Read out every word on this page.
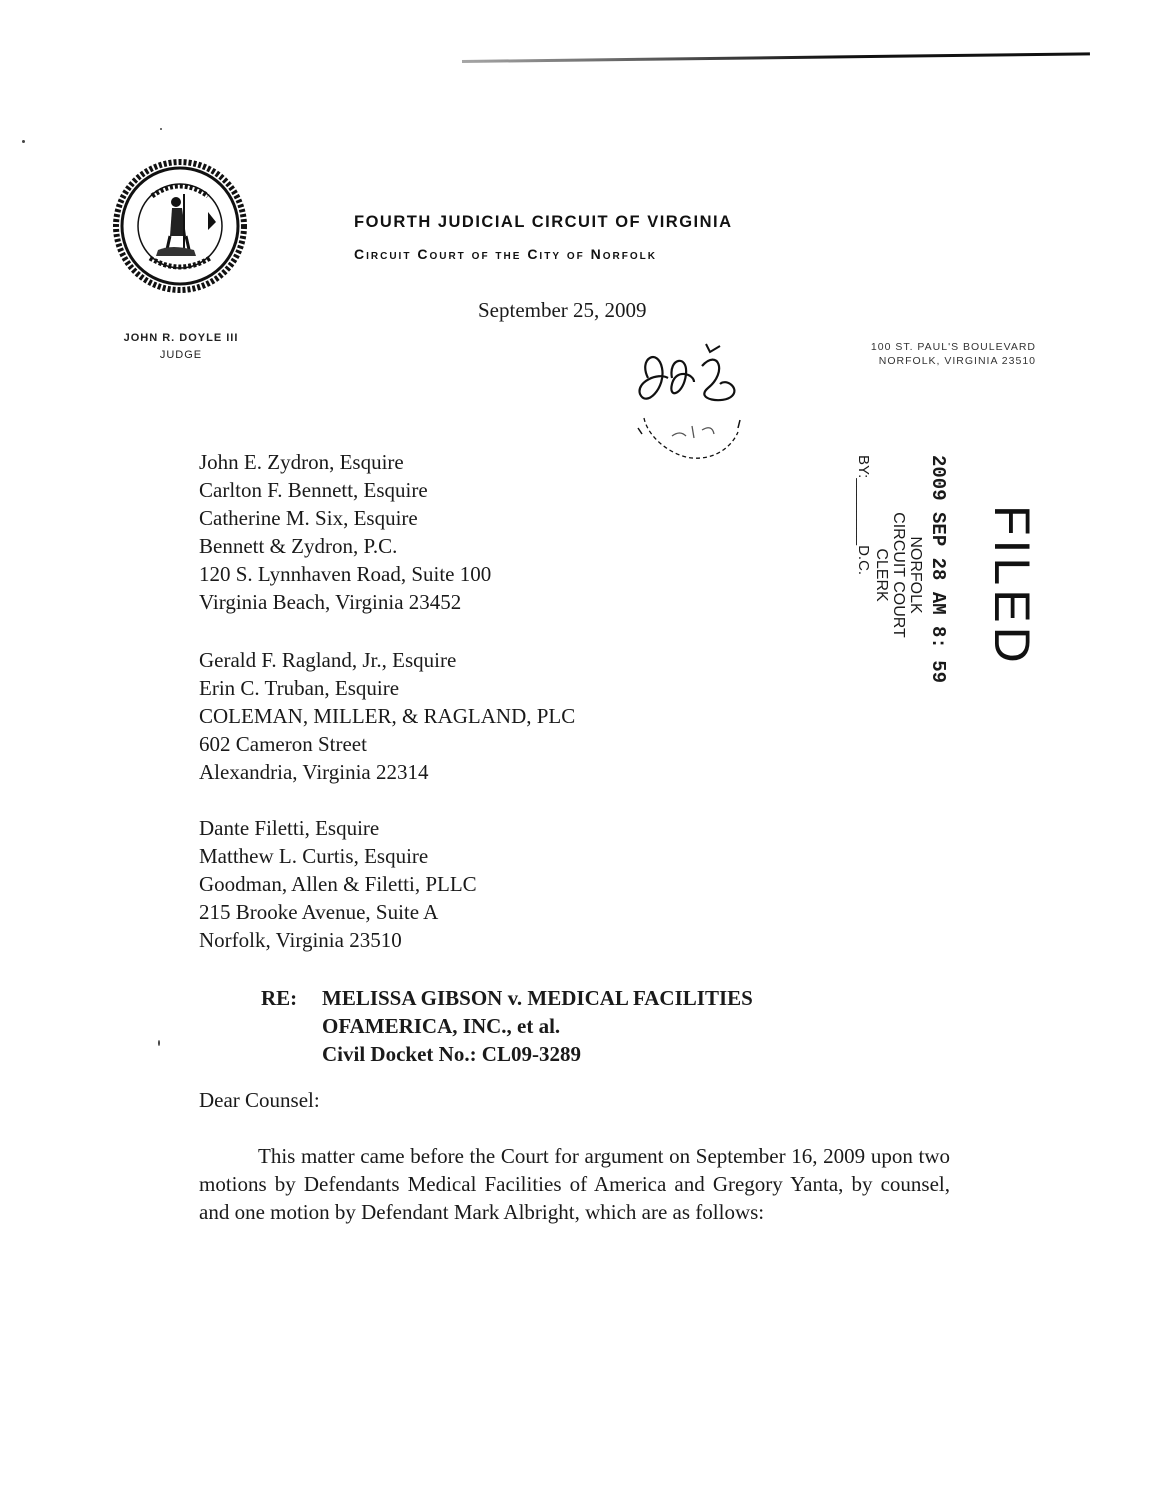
FOURTH JUDICIAL CIRCUIT OF VIRGINIA
Circuit Court of the City of Norfolk
September 25, 2009
JOHN R. DOYLE III
JUDGE
100 ST. PAUL'S BOULEVARD
NORFOLK, VIRGINIA 23510
FILED
2009 SEP 28 AM 8: 59
NORFOLK
CIRCUIT COURT CLERK
BY:________D.C.
John E. Zydron, Esquire
Carlton F. Bennett, Esquire
Catherine M. Six, Esquire
Bennett & Zydron, P.C.
120 S. Lynnhaven Road, Suite 100
Virginia Beach, Virginia 23452
Gerald F. Ragland, Jr., Esquire
Erin C. Truban, Esquire
COLEMAN, MILLER, & RAGLAND, PLC
602 Cameron Street
Alexandria, Virginia 22314
Dante Filetti, Esquire
Matthew L. Curtis, Esquire
Goodman, Allen & Filetti, PLLC
215 Brooke Avenue, Suite A
Norfolk, Virginia 23510
RE: MELISSA GIBSON v. MEDICAL FACILITIES
OFAMERICA, INC., et al.
Civil Docket No.: CL09-3289
Dear Counsel:
This matter came before the Court for argument on September 16, 2009 upon two motions by Defendants Medical Facilities of America and Gregory Yanta, by counsel, and one motion by Defendant Mark Albright, which are as follows:
